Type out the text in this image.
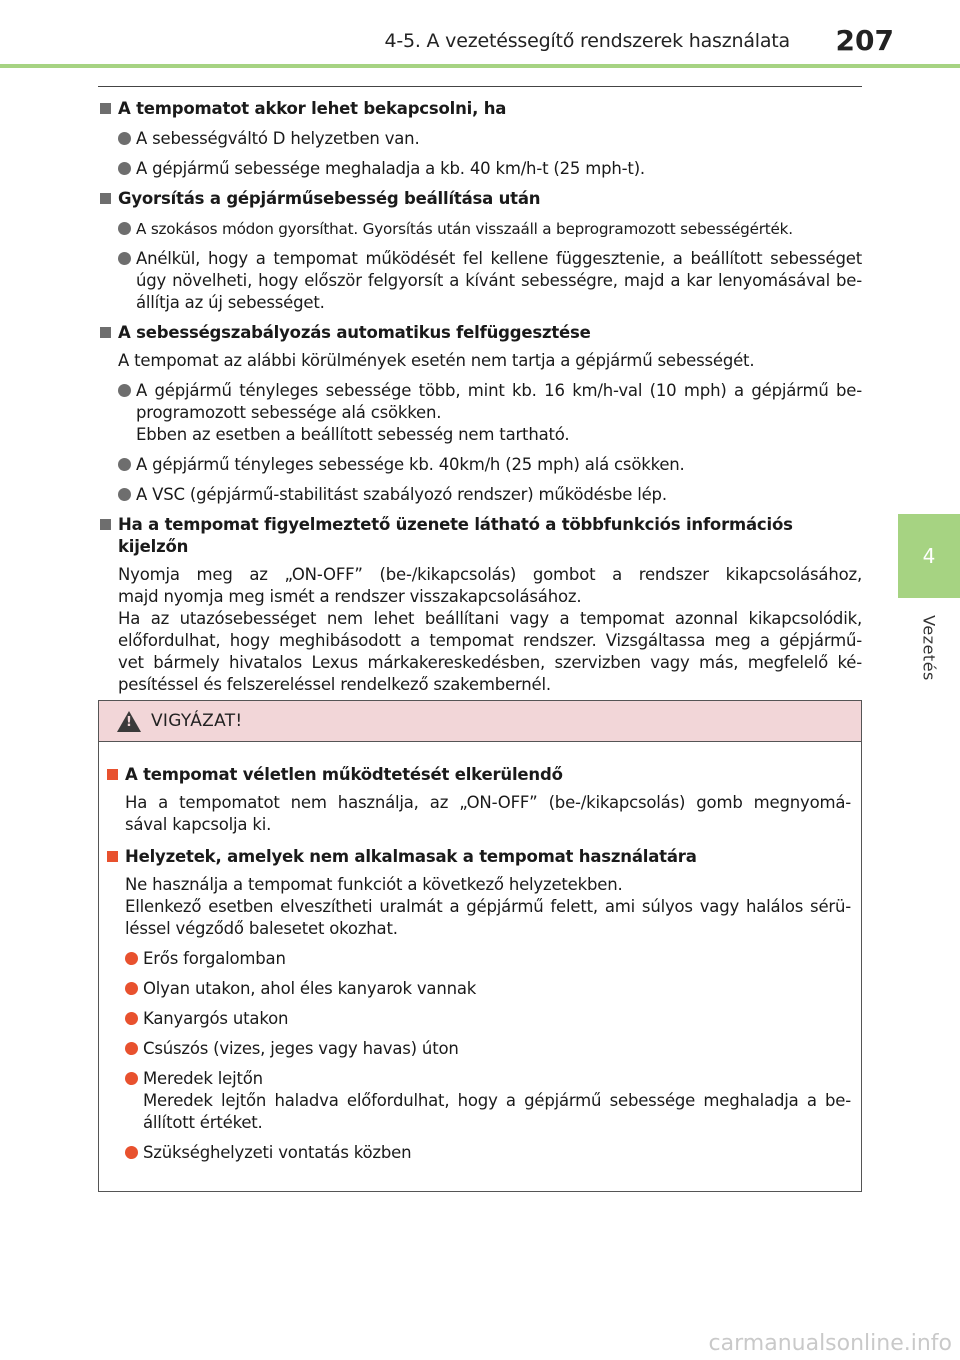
4-5. A vezetéssegítő rendszerek használata 207
4
Vezetés
A tempomatot akkor lehet bekapcsolni, ha
A sebességváltó D helyzetben van.
A gépjármű sebessége meghaladja a kb. 40 km/h-t (25 mph-t).
Gyorsítás a gépjárműsebesség beállítása után
A szokásos módon gyorsíthat. Gyorsítás után visszaáll a beprogramozott sebességérték.
Anélkül, hogy a tempomat működését fel kellene függesztenie, a beállított sebességet
úgy növelheti, hogy először felgyorsít a kívánt sebességre, majd a kar lenyomásával be-
állítja az új sebességet.
A sebességszabályozás automatikus felfüggesztése
A tempomat az alábbi körülmények esetén nem tartja a gépjármű sebességét.
A gépjármű tényleges sebessége több, mint kb. 16 km/h-val (10 mph) a gépjármű be-
programozott sebessége alá csökken.
Ebben az esetben a beállított sebesség nem tartható.
A gépjármű tényleges sebessége kb. 40km/h (25 mph) alá csökken.
A VSC (gépjármű-stabilitást szabályozó rendszer) működésbe lép.
Ha a tempomat figyelmeztető üzenete látható a többfunkciós információs kijelzőn
Nyomja meg az „ON-OFF” (be-/kikapcsolás) gombot a rendszer kikapcsolásához,
majd nyomja meg ismét a rendszer visszakapcsolásához.
Ha az utazósebességet nem lehet beállítani vagy a tempomat azonnal kikapcsolódik,
előfordulhat, hogy meghibásodott a tempomat rendszer. Vizsgáltassa meg a gépjármű-
vet bármely hivatalos Lexus márkakereskedésben, szervizben vagy más, megfelelő ké-
pesítéssel és felszereléssel rendelkező szakembernél.
!
VIGYÁZAT!
A tempomat véletlen működtetését elkerülendő
Ha a tempomatot nem használja, az „ON-OFF” (be-/kikapcsolás) gomb megnyomá-
sával kapcsolja ki.
Helyzetek, amelyek nem alkalmasak a tempomat használatára
Ne használja a tempomat funkciót a következő helyzetekben.
Ellenkező esetben elveszítheti uralmát a gépjármű felett, ami súlyos vagy halálos sérü-
léssel végződő balesetet okozhat.
Erős forgalomban
Olyan utakon, ahol éles kanyarok vannak
Kanyargós utakon
Csúszós (vizes, jeges vagy havas) úton
Meredek lejtőn
Meredek lejtőn haladva előfordulhat, hogy a gépjármű sebessége meghaladja a be-
állított értéket.
Szükséghelyzeti vontatás közben
carmanualsonline.info
